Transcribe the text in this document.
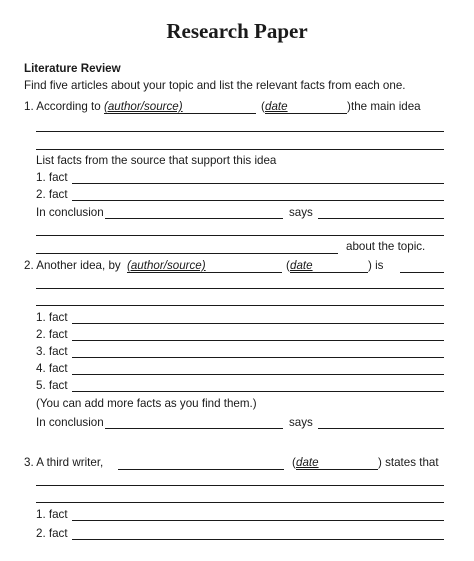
Research Paper
Literature Review
Find five articles about your topic and list the relevant facts from each one.
1. According to (author/source)	( date	) the main idea
List facts from the source that support this idea
1. fact
2. fact
In conclusion	says
about the topic.
2. Another idea, by (author/source)	( date	) is
1. fact
2. fact
3. fact
4. fact
5. fact
(You can add more facts as you find them.)
In conclusion	says
3. A third writer,	( date	) states that
1. fact
2. fact
